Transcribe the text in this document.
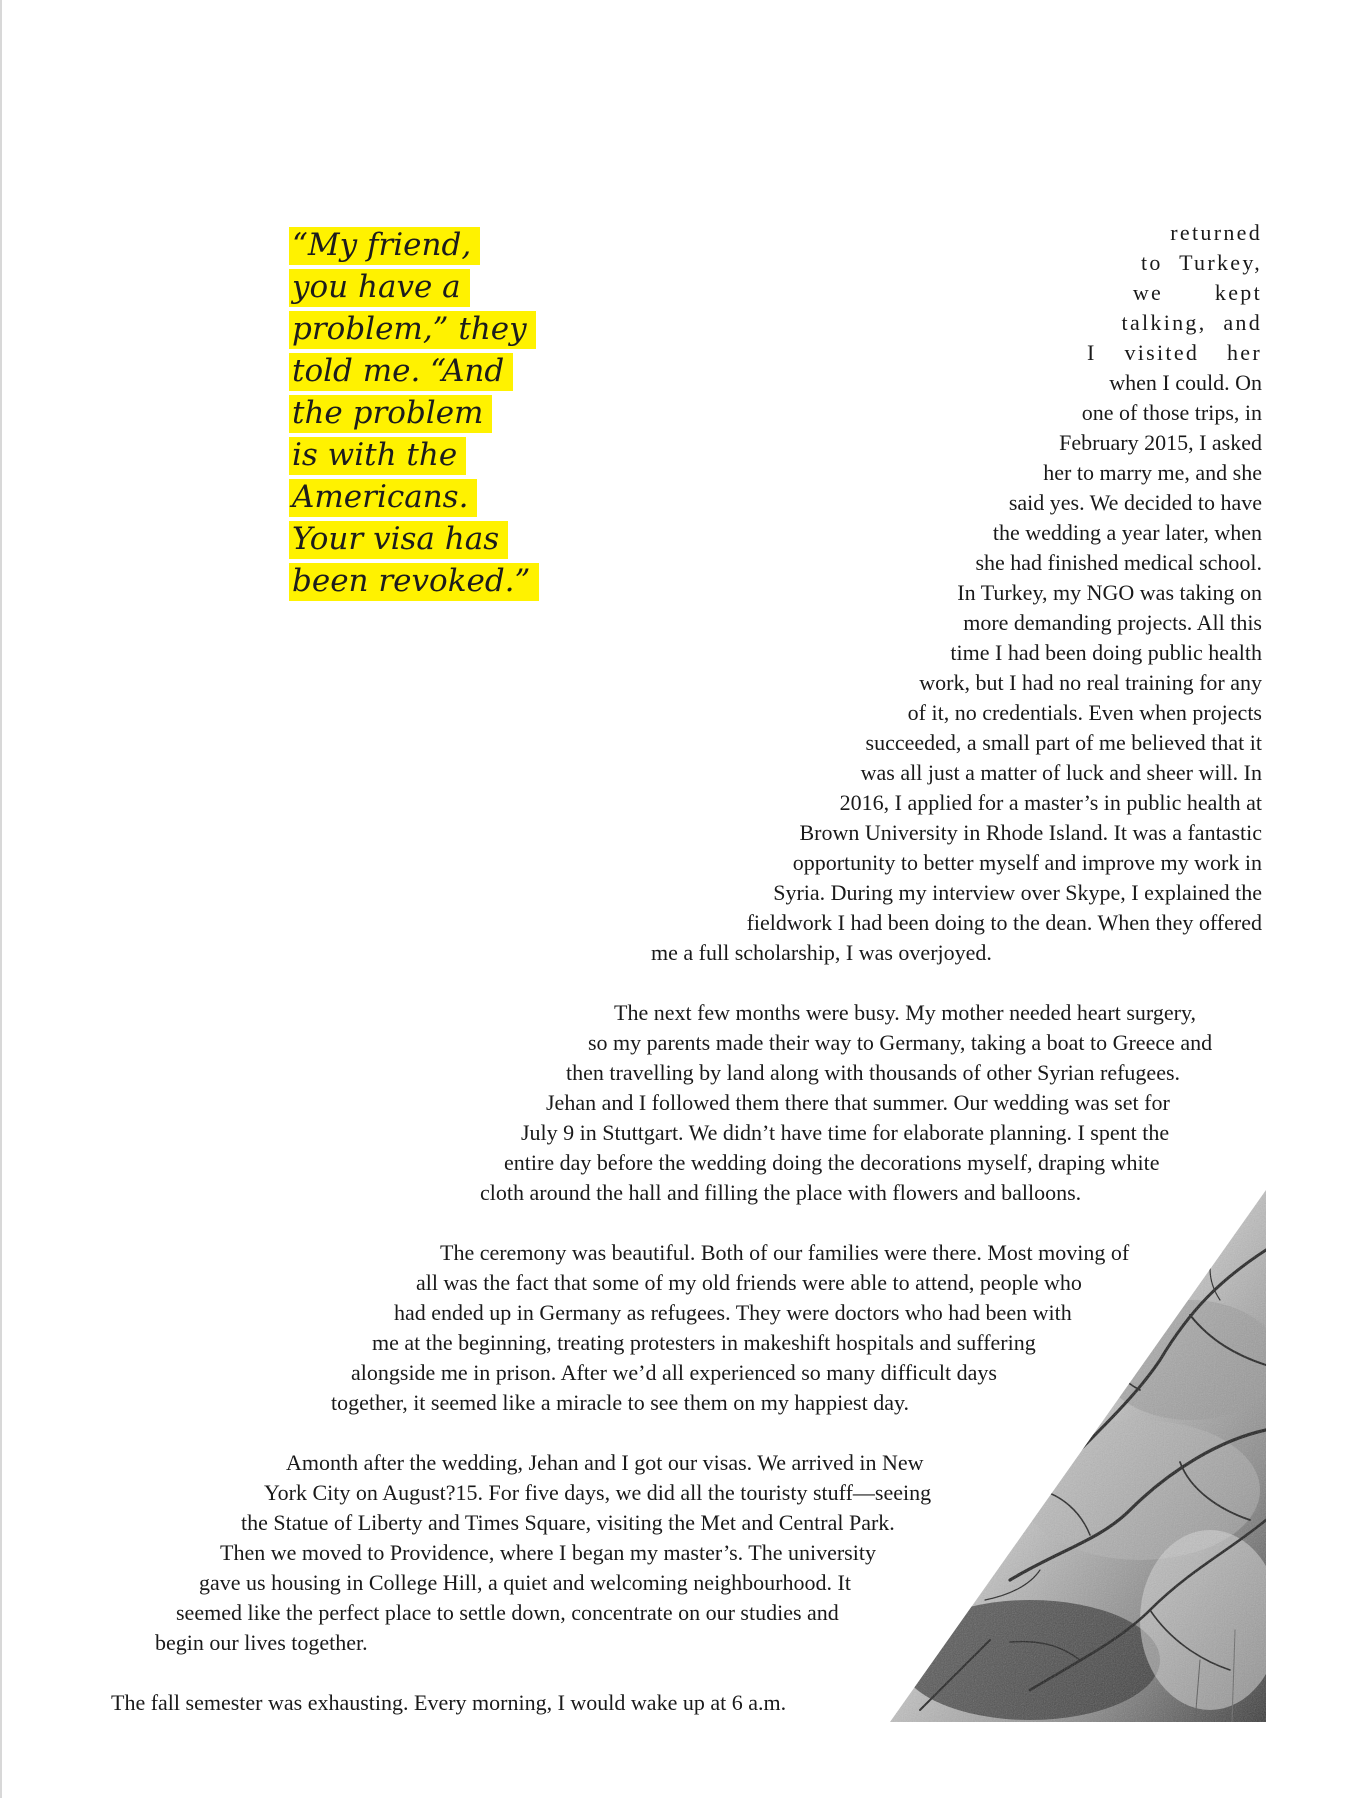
“My friend,
you have a
problem,” they
told me. “And
the problem
is with the
Americans.
Your visa has
been revoked.”

returned

to Turkey,

we kept

talking, and

I visited her

when I could. On

one of those trips, in

February 2015, I asked

her to marry me, and she

said yes. We decided to have

the wedding a year later, when

she had finished medical school.

In Turkey, my NGO was taking on

more demanding projects. All this

time I had been doing public health

work, but I had no real training for any

of it, no credentials. Even when projects

succeeded, a small part of me believed that it

was all just a matter of luck and sheer will. In

2016, I applied for a master’s in public health at

Brown University in Rhode Island. It was a fantastic

opportunity to better myself and improve my work in

Syria. During my interview over Skype, I explained the

fieldwork I had been doing to the dean. When they offered

me a full scholarship, I was overjoyed.

The next few months were busy. My mother needed heart surgery,

so my parents made their way to Germany, taking a boat to Greece and

then travelling by land along with thousands of other Syrian refugees.

Jehan and I followed them there that summer. Our wedding was set for

July 9 in Stuttgart. We didn’t have time for elaborate planning. I spent the

entire day before the wedding doing the decorations myself, draping white

cloth around the hall and filling the place with flowers and balloons.

The ceremony was beautiful. Both of our families were there. Most moving of

all was the fact that some of my old friends were able to attend, people who

had ended up in Germany as refugees. They were doctors who had been with

me at the beginning, treating protesters in makeshift hospitals and suffering

alongside me in prison. After we’d all experienced so many difficult days

together, it seemed like a miracle to see them on my happiest day.

Amonth after the wedding, Jehan and I got our visas. We arrived in New

York City on August?15. For five days, we did all the touristy stuff—seeing

the Statue of Liberty and Times Square, visiting the Met and Central Park.

Then we moved to Providence, where I began my master’s. The university

gave us housing in College Hill, a quiet and welcoming neighbourhood. It

seemed like the perfect place to settle down, concentrate on our studies and

begin our lives together.

The fall semester was exhausting. Every morning, I would wake up at 6 a.m.
